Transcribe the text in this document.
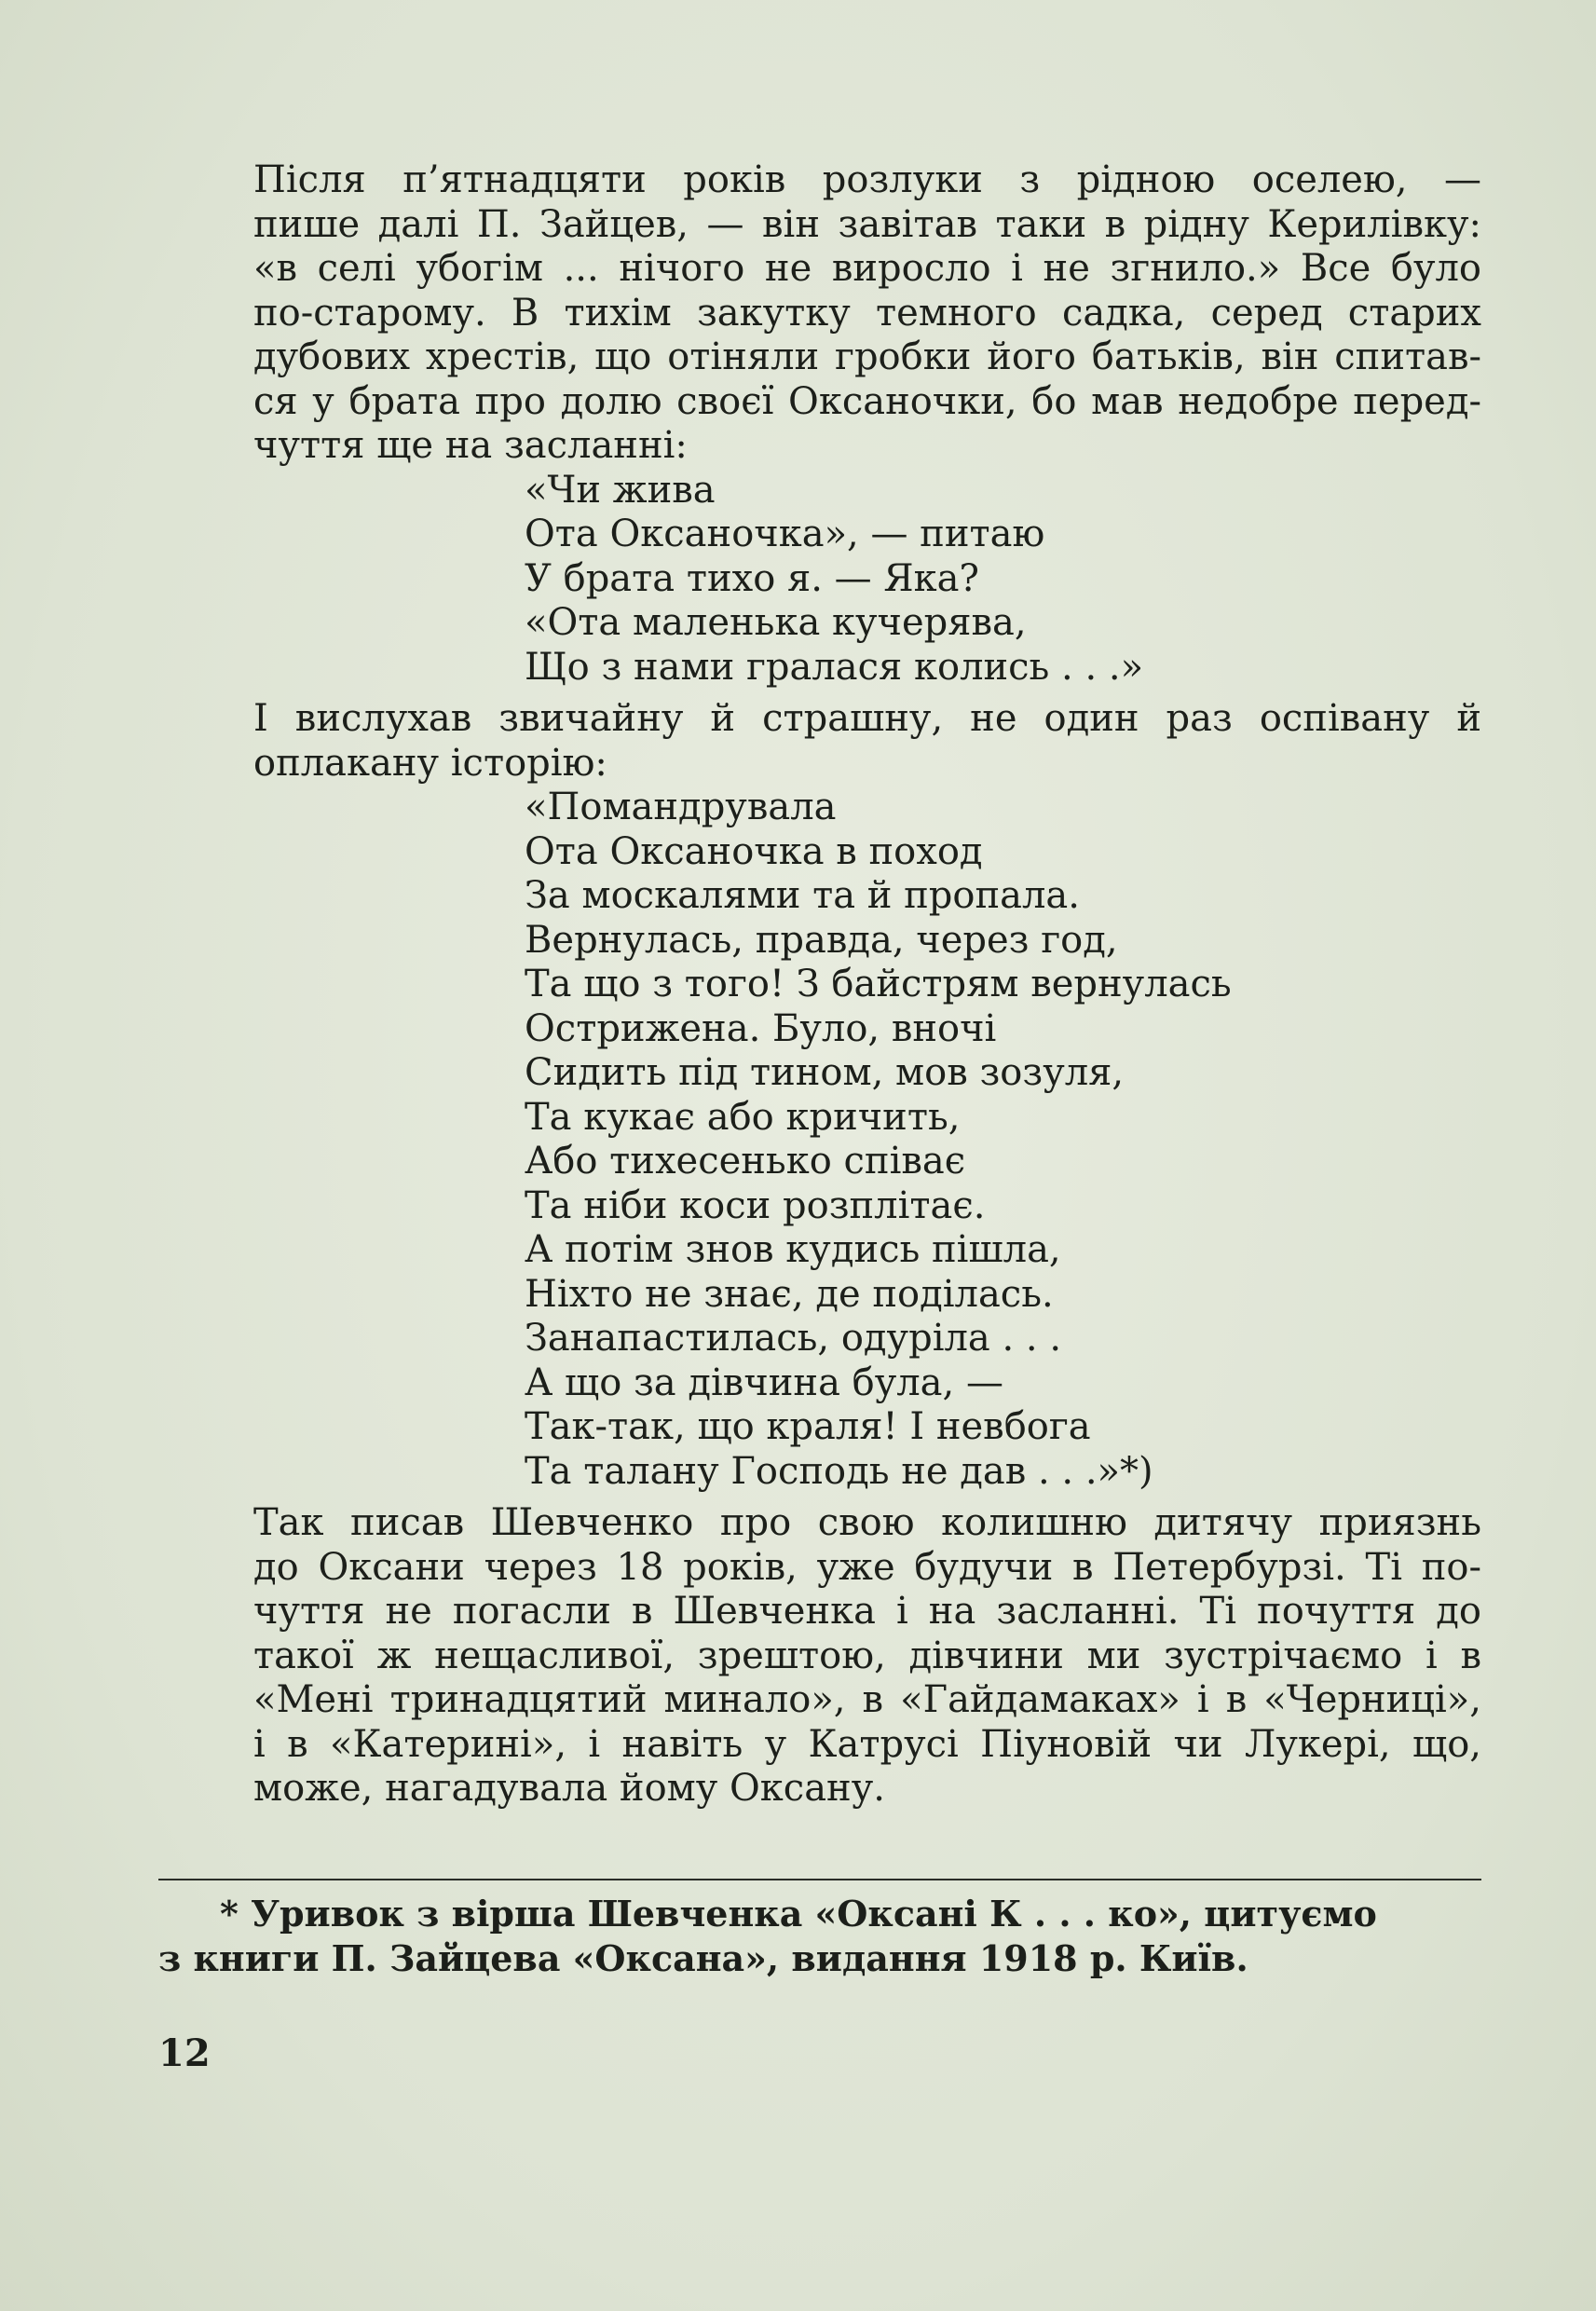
Після п’ятнадцяти років розлуки з рідною оселею, —
пише далі П. Зайцев, — він завітав таки в рідну Керилівку:
«в селі убогім ... нічого не виросло і не згнило.» Все було
по-старому. В тихім закутку темного садка, серед старих
дубових хрестів, що отіняли гробки його батьків, він спитав-
ся у брата про долю своєї Оксаночки, бо мав недобре перед-
чуття ще на засланні:

«Чи жива
Ота Оксаночка», — питаю
У брата тихо я. — Яка?
«Ота маленька кучерява,
Що з нами гралася колись . . .»

І вислухав звичайну й страшну, не один раз оспівану й
оплакану історію:

«Помандрувала
Ота Оксаночка в поход
За москалями та й пропала.
Вернулась, правда, через год,
Та що з того! З байстрям вернулась
Острижена. Було, вночі
Сидить під тином, мов зозуля,
Та кукає або кричить,
Або тихесенько співає
Та ніби коси розплітає.
А потім знов кудись пішла,
Ніхто не знає, де поділась.
Занапастилась, одуріла . . .
А що за дівчина була, —
Так-так, що краля! І невбога
Та талану Господь не дав . . .»*)

Так писав Шевченко про свою колишню дитячу приязнь
до Оксани через 18 років, уже будучи в Петербурзі. Ті по-
чуття не погасли в Шевченка і на засланні. Ті почуття до
такої ж нещасливої, зрештою, дівчини ми зустрічаємо і в
«Мені тринадцятий минало», в «Гайдамаках» і в «Черниці»,
і в «Катерині», і навіть у Катрусі Піуновій чи Лукері, що,
може, нагадувала йому Оксану.

* Уривок з вірша Шевченка «Оксані К . . . ко», цитуємо
з книги П. Зайцева «Оксана», видання 1918 р. Київ.
12
